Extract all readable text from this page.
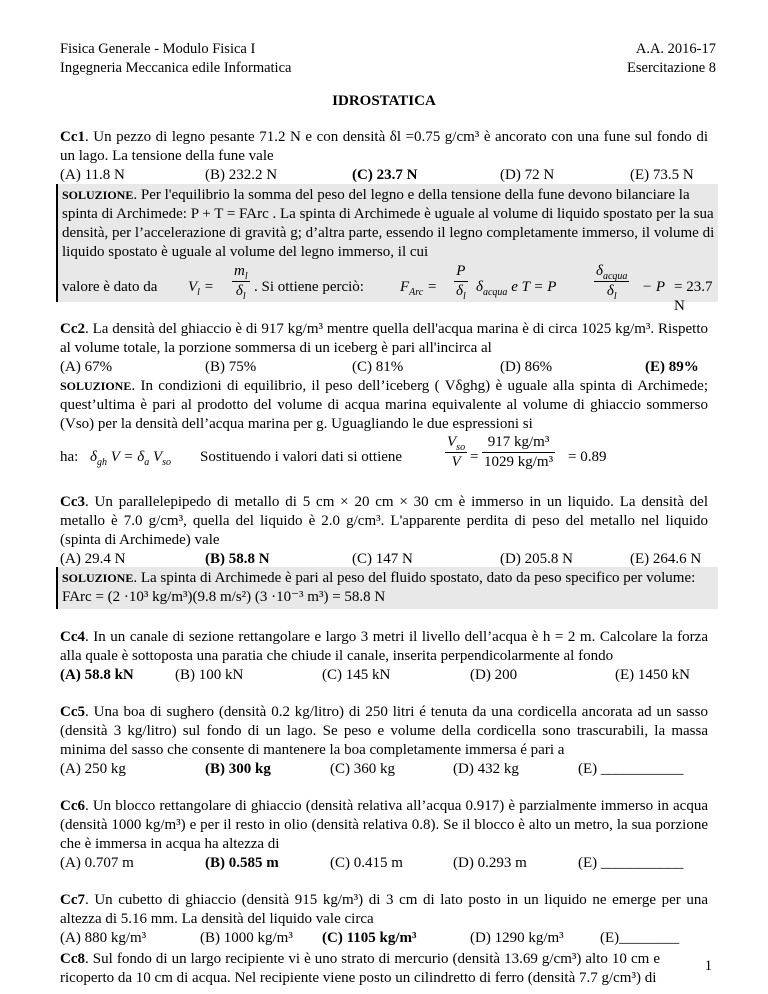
Fisica Generale - Modulo Fisica I
Ingegneria Meccanica edile Informatica
A.A. 2016-17
Esercitazione 8
IDROSTATICA
Cc1. Un pezzo di legno pesante 71.2 N e con densità δl =0.75 g/cm³ è ancorato con una fune sul fondo di un lago. La tensione della fune vale
(A) 11.8 N	(B) 232.2 N	(C) 23.7 N	(D) 72 N	(E) 73.5 N
SOLUZIONE. Per l'equilibrio la somma del peso del legno e della tensione della fune devono bilanciare la spinta di Archimede: P + T = FArc . La spinta di Archimede è uguale al volume di liquido spostato per la sua densità, per l’accelerazione di gravità g; d’altra parte, essendo il legno completamente immerso, il volume di liquido spostato è uguale al volume del legno immerso, il cui
valore è dato da $V_l = \frac{m_l}{\delta_l}$ . Si ottiene perciò: $F_{Arc} = \frac{P}{\delta_l} \delta_{acqua}$ e T = P
$\delta_{acqua}$
$\delta_l$
− P = 23.7 N
Cc2. La densità del ghiaccio è di 917 kg/m³ mentre quella dell'acqua marina è di circa 1025 kg/m³. Rispetto al volume totale, la porzione sommersa di un iceberg è pari all'incirca al
(A) 67%	(B) 75%	(C) 81%	(D) 86%	(E) 89%
SOLUZIONE. In condizioni di equilibrio, il peso dell’iceberg ( Vδghg) è uguale alla spinta di Archimede; quest’ultima è pari al prodotto del volume di acqua marina equivalente al volume di ghiaccio sommerso (Vso) per la densità dell’acqua marina per g. Uguagliando le due espressioni si
ha: $\delta_{gh}$ $V = \delta_a$ $V_{so}$ Sostituendo i valori dati si ottiene
$V_{so}$
$V = \frac{\text{917 kg/m³}}{\text{1029 kg/m³}} = 0.89$
Cc3. Un parallelepipedo di metallo di 5 cm × 20 cm × 30 cm è immerso in un liquido. La densità del metallo è 7.0 g/cm³, quella del liquido è 2.0 g/cm³. L'apparente perdita di peso del metallo nel liquido (spinta di Archimede) vale
(A) 29.4 N	(B) 58.8 N	(C) 147 N	(D) 205.8 N	(E) 264.6 N
SOLUZIONE. La spinta di Archimede è pari al peso del fluido spostato, dato da peso specifico per volume: FArc = (2 ·10³ kg/m³)(9.8 m/s²) (3 ·10⁻³ m³) = 58.8 N
Cc4. In un canale di sezione rettangolare e largo 3 metri il livello dell’acqua è h = 2 m. Calcolare la forza alla quale è sottoposta una paratia che chiude il canale, inserita perpendicolarmente al fondo
(A) 58.8 kN	(B) 100 kN	(C) 145 kN	(D) 200	(E) 1450 kN
Cc5. Una boa di sughero (densità 0.2 kg/litro) di 250 litri é tenuta da una cordicella ancorata ad un sasso (densità 3 kg/litro) sul fondo di un lago. Se peso e volume della cordicella sono trascurabili, la massa minima del sasso che consente di mantenere la boa completamente immersa é pari a
(A) 250 kg	(B) 300 kg	(C) 360 kg	(D) 432 kg	(E) ___________
Cc6. Un blocco rettangolare di ghiaccio (densità relativa all’acqua 0.917) è parzialmente immerso in acqua (densità 1000 kg/m³) e per il resto in olio (densità relativa 0.8). Se il blocco è alto un metro, la sua porzione che è immersa in acqua ha altezza di
(A) 0.707 m	(B) 0.585 m	(C) 0.415 m	(D) 0.293 m	(E) ___________
Cc7. Un cubetto di ghiaccio (densità 915 kg/m³) di 3 cm di lato posto in un liquido ne emerge per una altezza di 5.16 mm. La densità del liquido vale circa
(A) 880 kg/m³	(B) 1000 kg/m³ (C) 1105 kg/m³	(D) 1290 kg/m³ (E)________
Cc8. Sul fondo di un largo recipiente vi è uno strato di mercurio (densità 13.69 g/cm³) alto 10 cm e ricoperto da 10 cm di acqua. Nel recipiente viene posto un cilindretto di ferro (densità 7.7 g/cm³) di
1
